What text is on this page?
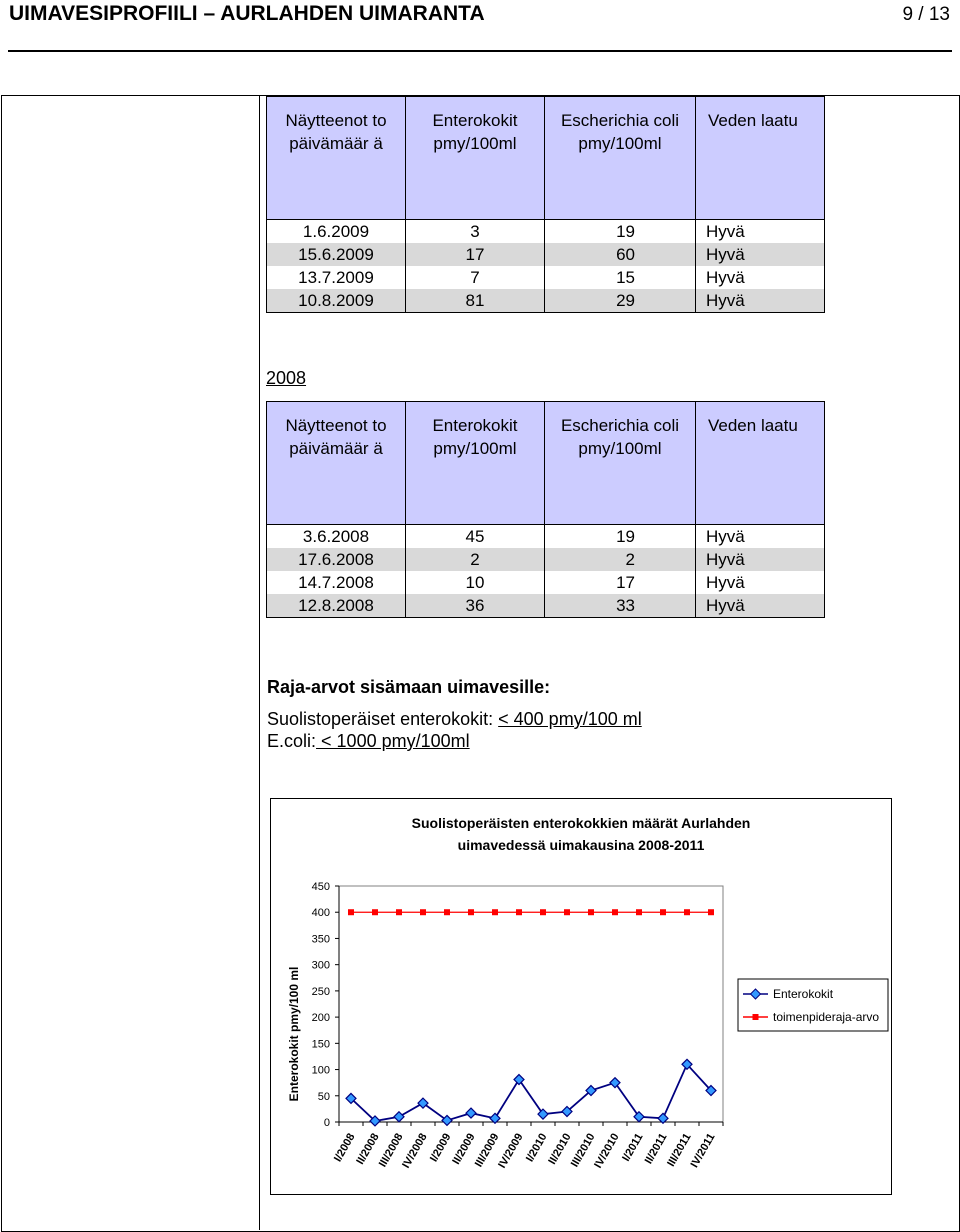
UIMAVESIPROFIILI – AURLAHDEN UIMARANTA	9 / 13
Näytteenot to päivämäär ä	Enterokokit pmy/100ml	Escherichia coli pmy/100ml	Veden laatu
1.6.2009	3	19	Hyvä
15.6.2009	17	60	Hyvä
13.7.2009	7	15	Hyvä
10.8.2009	81	29	Hyvä
2008
Näytteenot to päivämäär ä	Enterokokit pmy/100ml	Escherichia coli pmy/100ml	Veden laatu
3.6.2008	45	19	Hyvä
17.6.2008	2	2	Hyvä
14.7.2008	10	17	Hyvä
12.8.2008	36	33	Hyvä
Raja-arvot sisämaan uimavesille:
Suolistoperäiset enterokokit: < 400 pmy/100 ml
E.coli: < 1000 pmy/100ml
Suolistoperäisten enterokokkien määrät Aurlahden
uimavedessä uimakausina 2008-2011
Enterokokit pmy/100 ml
0
50
100
150
200
250
300
350
400
450
I/2008
II/2008
III/2008
IV/2008
I/2009
II/2009
III/2009
IV/2009
I/2010
II/2010
III/2010
IV/2010
I/2011
II/2011
III/2011
IV/2011
Enterokokit
toimenpideraja-arvo
